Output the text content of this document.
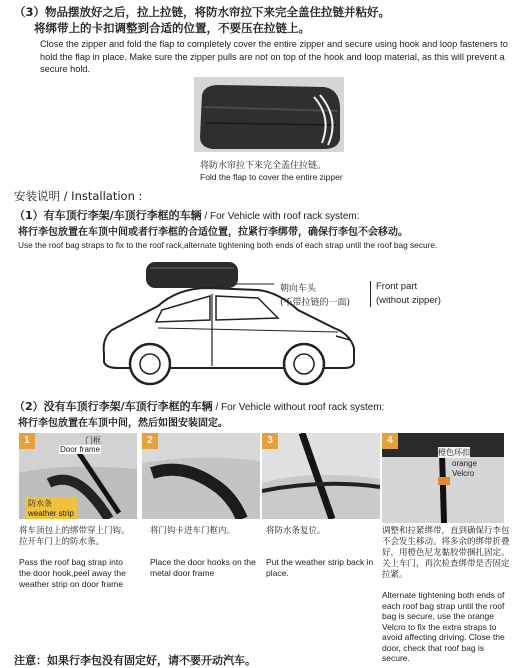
（3）物品摆放好之后，拉上拉链，将防水帘拉下来完全盖住拉链并粘好。
将绑带上的卡扣调整到合适的位置，不要压在拉链上。
Close the zipper and fold the flap to completely cover the entire zipper and secure using hook and loop fasteners to hold the flap in place. Make sure the zipper pulls are not on top of the hook and loop material, as this will prevent a secure hold.
将防水帘拉下来完全盖住拉链。
Fold the flap to cover the entire zipper
安装说明 / Installation :
（1）有车顶行李架/车顶行李框的车辆 / For Vehicle with roof rack system:
将行李包放置在车顶中间或者行李框的合适位置，拉紧行李绑带，确保行李包不会移动。
Use the roof bag straps to fix to the roof rack,alternate tightening both ends of each strap until the roof bag secure.
朝向车头
(不带拉链的一面)
Front part
(without zipper)
（2）没有车顶行李架/车顶行李框的车辆 / For Vehicle without roof rack system:
将行李包放置在车顶中间，然后如图安装固定。
1	门框
Door frame
防水条
weather strip
2	3	4
橙色环扣
orange
Velcro
将车顶包上的绑带穿上门钩。拉开车门上的防水条。
Pass the roof bag strap into the door hook,peel away the weather strip on door frame
将门钩卡进车门框内。
Place the door hooks on the metal door frame
将防水条复位。
Put the weather strip back in place.
调整和拉紧绑带，直到确保行李包不会发生移动。将多余的绑带折叠好，用橙色尼龙黏胶带捆扎固定。关上车门，再次检查绑带是否固定拉紧。
Alternate tightening both ends of each roof bag strap until the roof bag is secure, use the orange Velcro to fix the extra straps to avoid affecting driving. Close the door, check that roof bag is secure.
注意：如果行李包没有固定好，请不要开动汽车。
